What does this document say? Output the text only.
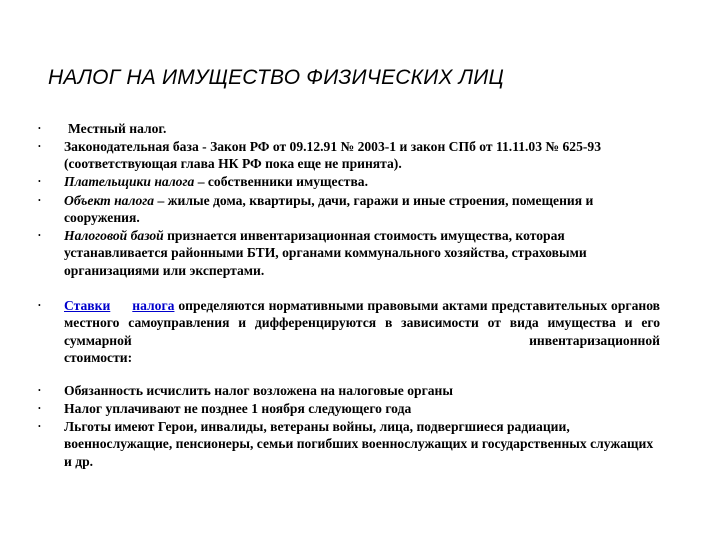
НАЛОГ НА ИМУЩЕСТВО ФИЗИЧЕСКИХ ЛИЦ
• Местный налог.
• Законодательная база - Закон РФ от 09.12.91 № 2003-1 и закон СПб от 11.11.03 № 625-93 (соответствующая глава НК РФ пока еще не принята).
• Плательщики налога – собственники имущества.
• Объект налога – жилые дома, квартиры, дачи, гаражи и иные строения, помещения и сооружения.
• Налоговой базой признается инвентаризационная стоимость имущества, которая устанавливается районными БТИ, органами коммунального хозяйства, страховыми организациями или экспертами.
• Ставки налога определяются нормативными правовыми актами представительных органов местного самоуправления и дифференцируются в зависимости от вида имущества и его суммарной инвентаризационной
стоимости:
• Обязанность исчислить налог возложена на налоговые органы
• Налог уплачивают не позднее 1 ноября следующего года
• Льготы имеют Герои, инвалиды, ветераны войны, лица, подвергшиеся радиации, военнослужащие, пенсионеры, семьи погибших военнослужащих и государственных служащих и др.
